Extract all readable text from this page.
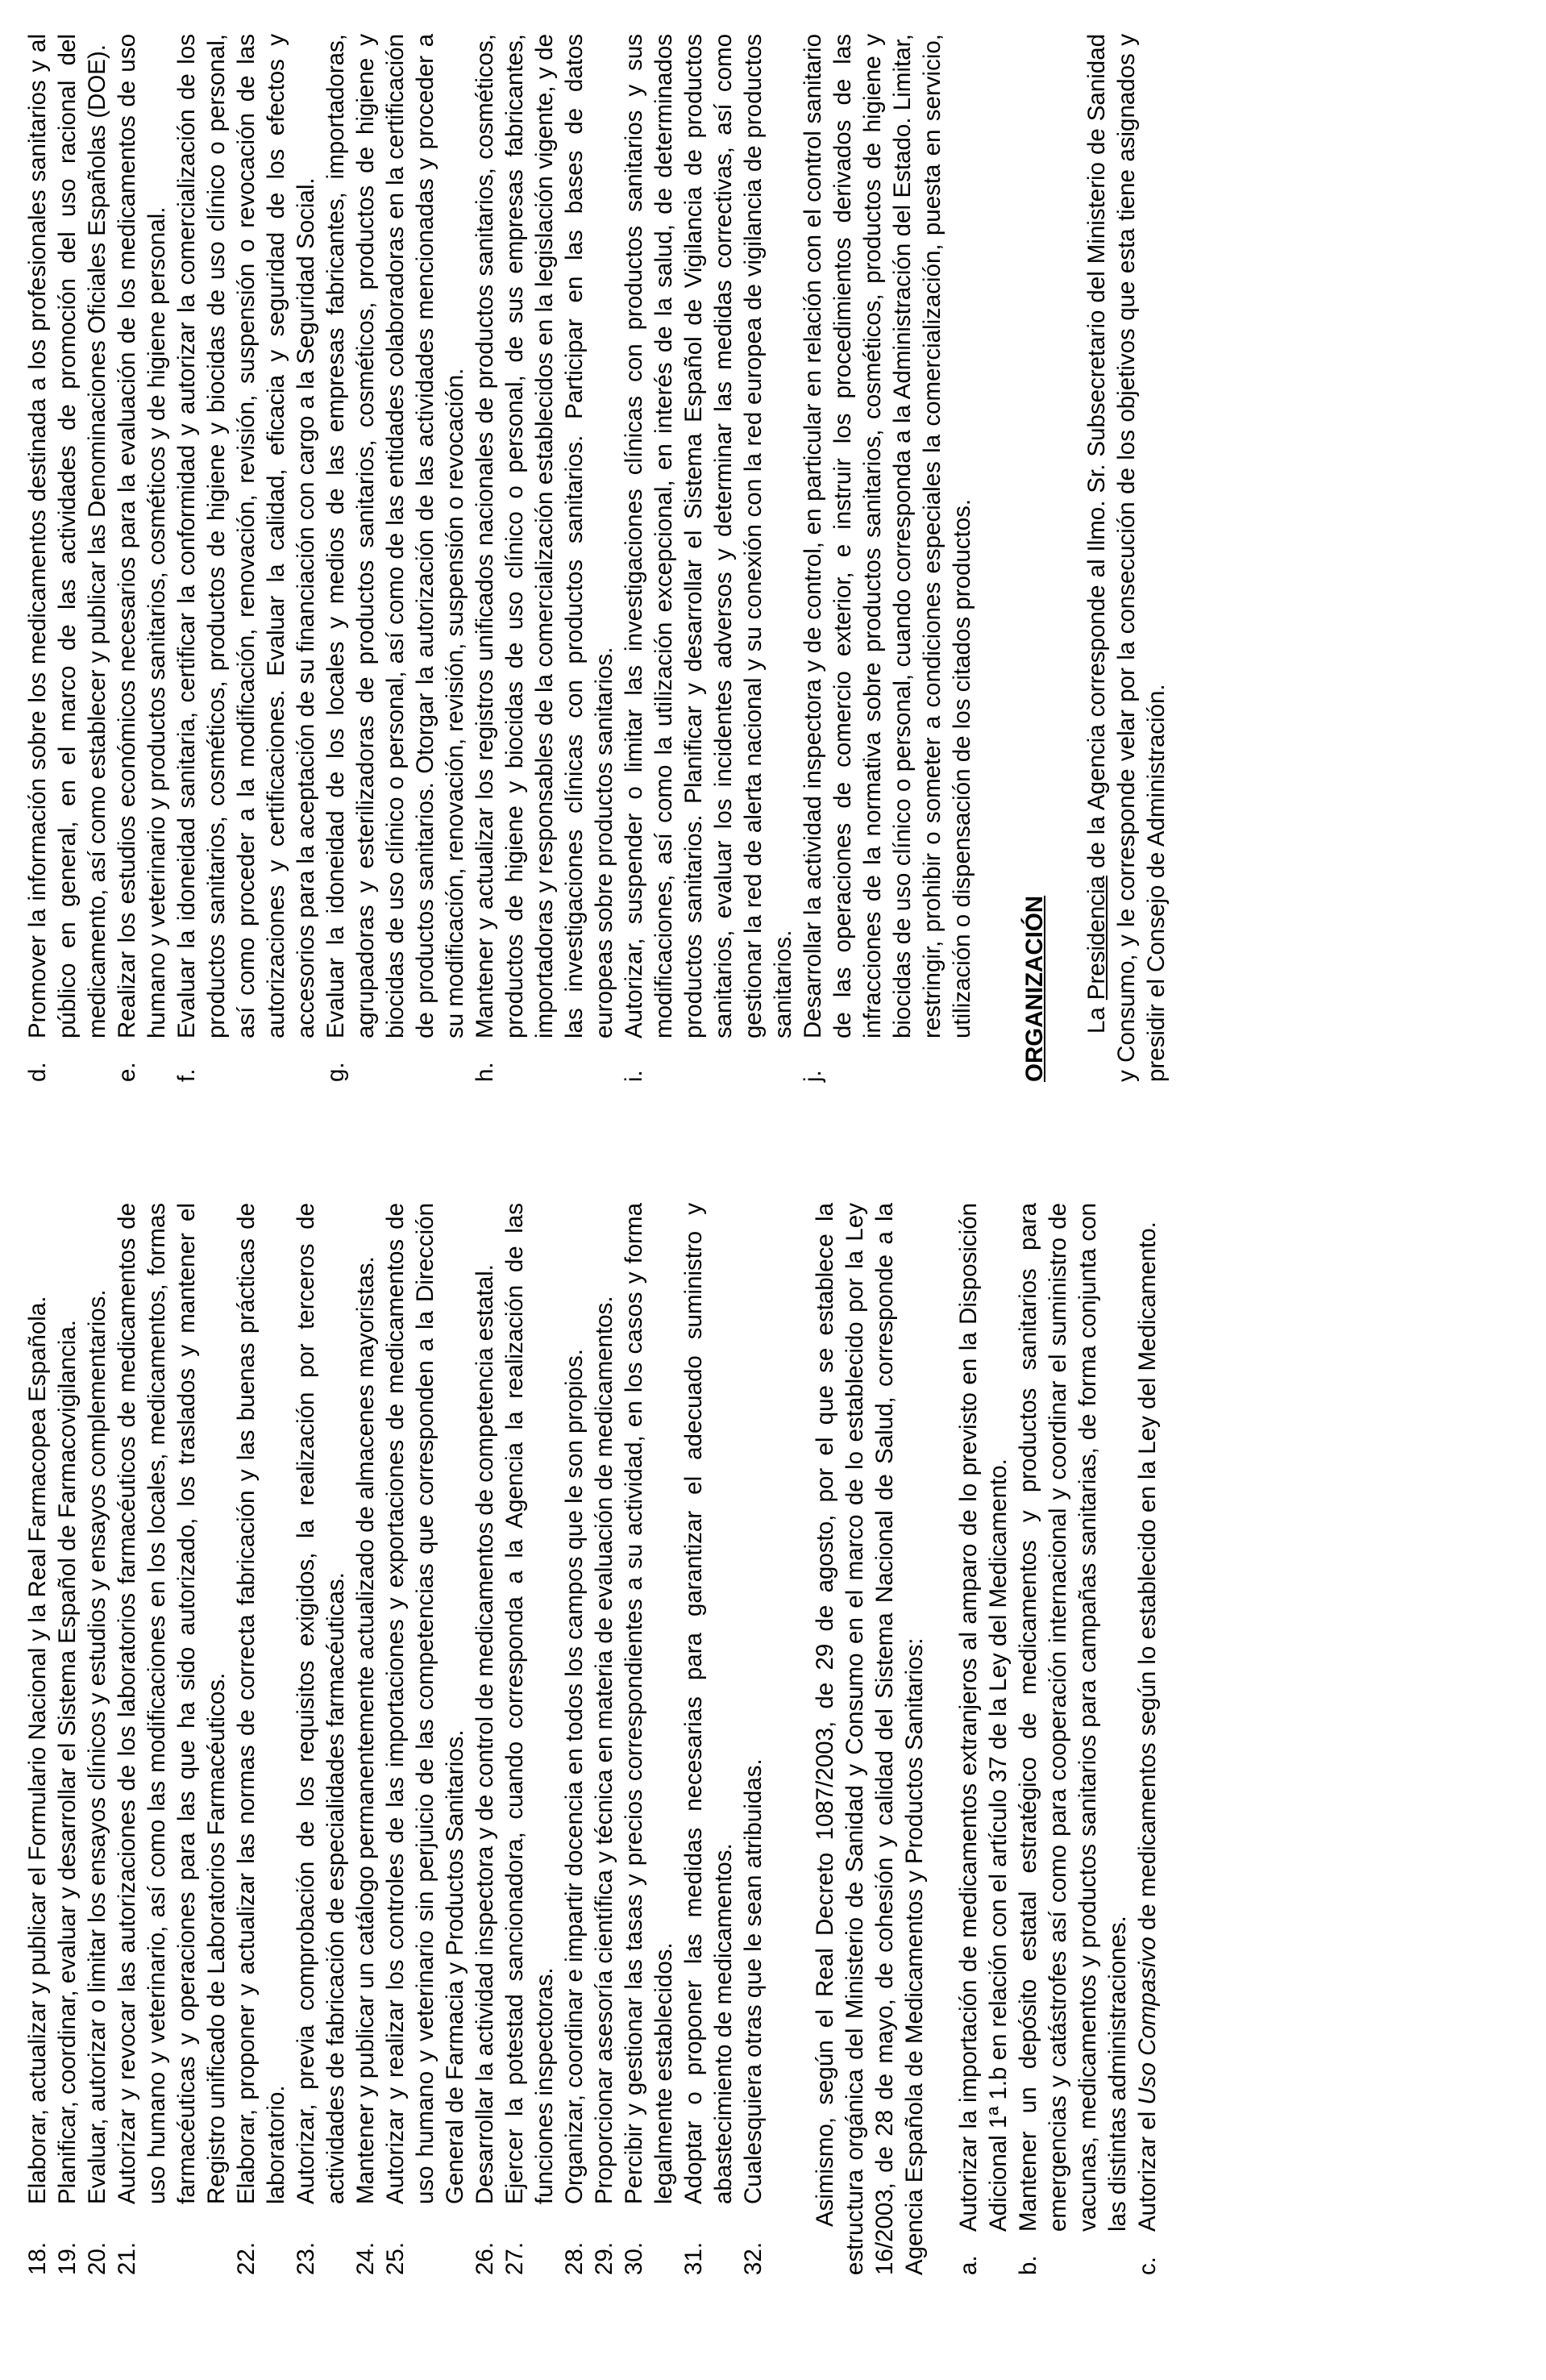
18.
Elaborar, actualizar y publicar el Formulario Nacional y la Real Farmacopea Española.
19.
Planificar, coordinar, evaluar y desarrollar el Sistema Español de Farmacovigilancia.
20.
Evaluar, autorizar o limitar los ensayos clínicos y estudios y ensayos complementarios.
21.
Autorizar y revocar las autorizaciones de los laboratorios farmacéuticos de medicamentos de uso humano y veterinario, así como las modificaciones en los locales, medicamentos, formas farmacéuticas y operaciones para las que ha sido autorizado, los traslados y mantener el Registro unificado de Laboratorios Farmacéuticos.
22.
Elaborar, proponer y actualizar las normas de correcta fabricación y las buenas prácticas de laboratorio.
23.
Autorizar, previa comprobación de los requisitos exigidos, la realización por terceros de actividades de fabricación de especialidades farmacéuticas.
24.
Mantener y publicar un catálogo permanentemente actualizado de almacenes mayoristas.
25.
Autorizar y realizar los controles de las importaciones y exportaciones de medicamentos de uso humano y veterinario sin perjuicio de las competencias que corresponden a la Dirección General de Farmacia y Productos Sanitarios.
26.
Desarrollar la actividad inspectora y de control de medicamentos de competencia estatal.
27.
Ejercer la potestad sancionadora, cuando corresponda a la Agencia la realización de las funciones inspectoras.
28.
Organizar, coordinar e impartir docencia en todos los campos que le son propios.
29.
Proporcionar asesoría científica y técnica en materia de evaluación de medicamentos.
30.
Percibir y gestionar las tasas y precios correspondientes a su actividad, en los casos y forma legalmente establecidos.
31.
Adoptar o proponer las medidas necesarias para garantizar el adecuado suministro y abastecimiento de medicamentos.
32.
Cualesquiera otras que le sean atribuidas. Asimismo, según el Real Decreto 1087/2003, de 29 de agosto, por el que se establece la estructura orgánica del Ministerio de Sanidad y Consumo en el marco de lo establecido por la Ley 16/2003, de 28 de mayo, de cohesión y calidad del Sistema Nacional de Salud, corresponde a la Agencia Española de Medicamentos y Productos Sanitarios: a.
Autorizar la importación de medicamentos extranjeros al amparo de lo previsto en la Disposición Adicional 1ª 1.b en relación con el artículo 37 de la Ley del Medicamento.
b.
Mantener un depósito estatal estratégico de medicamentos y productos sanitarios para emergencias y catástrofes así como para cooperación internacional y coordinar el suministro de vacunas, medicamentos y productos sanitarios para campañas sanitarias, de forma conjunta con las distintas administraciones.
c.
Autorizar el Uso Compasivo de medicamentos según lo establecido en la Ley del Medicamento.
d.
Promover la información sobre los medicamentos destinada a los profesionales sanitarios y al público en general, en el marco de las actividades de promoción del uso racional del medicamento, así como establecer y publicar las Denominaciones Oficiales Españolas (DOE).
e.
Realizar los estudios económicos necesarios para la evaluación de los medicamentos de uso humano y veterinario y productos sanitarios, cosméticos y de higiene personal.
f.
Evaluar la idoneidad sanitaria, certificar la conformidad y autorizar la comercialización de los productos sanitarios, cosméticos, productos de higiene y biocidas de uso clínico o personal, así como proceder a la modificación, renovación, revisión, suspensión o revocación de las autorizaciones y certificaciones. Evaluar la calidad, eficacia y seguridad de los efectos y accesorios para la aceptación de su financiación con cargo a la Seguridad Social.
g.
Evaluar la idoneidad de los locales y medios de las empresas fabricantes, importadoras, agrupadoras y esterilizadoras de productos sanitarios, cosméticos, productos de higiene y biocidas de uso clínico o personal, así como de las entidades colaboradoras en la certificación de productos sanitarios. Otorgar la autorización de las actividades mencionadas y proceder a su modificación, renovación, revisión, suspensión o revocación.
h.
Mantener y actualizar los registros unificados nacionales de productos sanitarios, cosméticos, productos de higiene y biocidas de uso clínico o personal, de sus empresas fabricantes, importadoras y responsables de la comercialización establecidos en la legislación vigente, y de las investigaciones clínicas con productos sanitarios. Participar en las bases de datos europeas sobre productos sanitarios.
i.
Autorizar, suspender o limitar las investigaciones clínicas con productos sanitarios y sus modificaciones, así como la utilización excepcional, en interés de la salud, de determinados productos sanitarios. Planificar y desarrollar el Sistema Español de Vigilancia de productos sanitarios, evaluar los incidentes adversos y determinar las medidas correctivas, así como gestionar la red de alerta nacional y su conexión con la red europea de vigilancia de productos sanitarios.
j.
Desarrollar la actividad inspectora y de control, en particular en relación con el control sanitario de las operaciones de comercio exterior, e instruir los procedimientos derivados de las infracciones de la normativa sobre productos sanitarios, cosméticos, productos de higiene y biocidas de uso clínico o personal, cuando corresponda a la Administración del Estado. Limitar, restringir, prohibir o someter a condiciones especiales la comercialización, puesta en servicio, utilización o dispensación de los citados productos. ORGANIZACIÓN La Presidencia de la Agencia corresponde al Ilmo. Sr. Subsecretario del Ministerio de Sanidad y Consumo, y le corresponde velar por la consecución de los objetivos que esta tiene asignados y presidir el Consejo de Administración.
